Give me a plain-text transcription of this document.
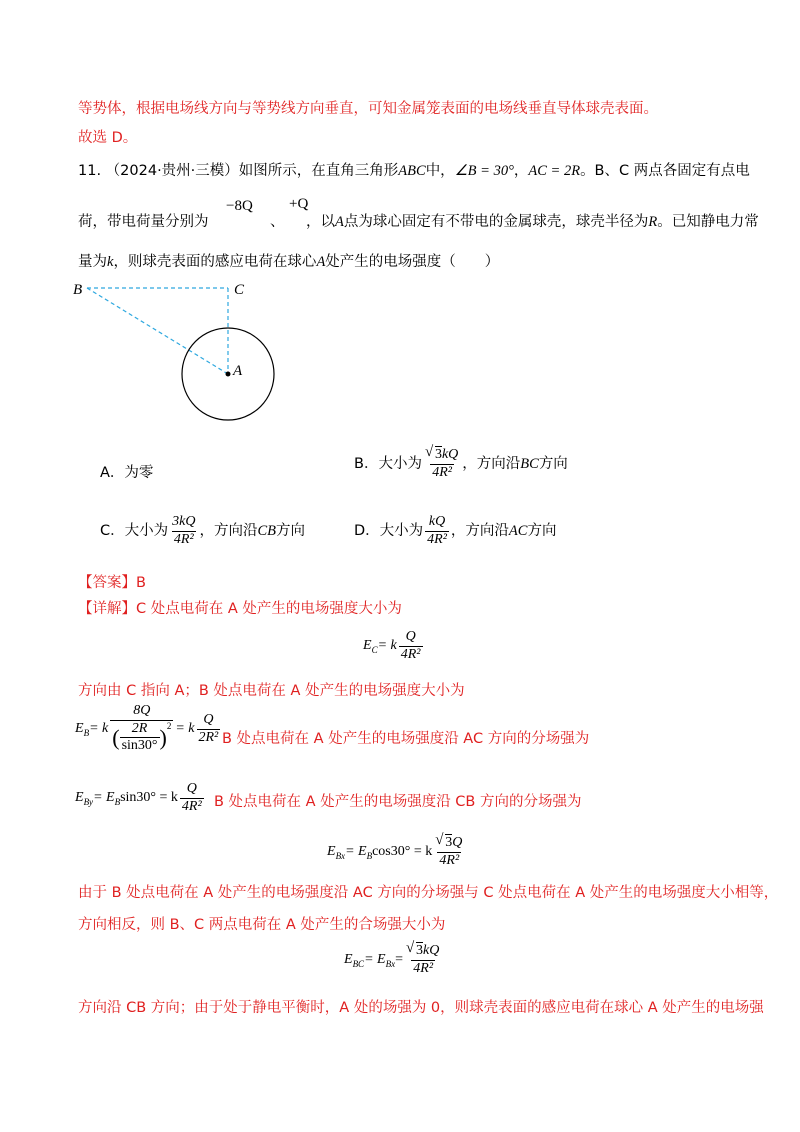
等势体，根据电场线方向与等势线方向垂直，可知金属笼表面的电场线垂直导体球壳表面。
故选 D。
11. （2024·贵州·三模）如图所示，在直角三角形ABC中，∠B = 30°，AC = 2R。B、C 两点各固定有点电
−8Q +Q
荷，带电荷量分别为	、 ，以A点为球心固定有不带电的金属球壳，球壳半径为R。已知静电力常
量为k，则球壳表面的感应电荷在球心A处产生的电场强度（　　）
B	C
A
A．为零
B．大小为 √ $\frac{3kQ}{\text{4R²}}$ ，方向沿 BC 方向
C．大小为 $\frac{3kQ}{\text{4R²}}$ ，方向沿 CB 方向	D．大小为 $\frac{kQ}{\text{4R²}}$ ，方向沿 AC 方向
【答案】B
【详解】C 处点电荷在 A 处产生的电场强度大小为
$E_C = k \frac{Q}{\text{4R²}}$
方向由 C 指向 A；B 处点电荷在 A 处产生的电场强度大小为
$E_B = k \frac{8Q}{( \frac{2R}{\sin 30^\circ} )^2} = k \frac{Q}{\text{2R²}}$ B 处点电荷在 A 处产生的电场强度沿 AC 方向的分场强为
$E_{By} = E_B$ sin30° = k $\frac{Q}{\text{4R²}}$ B 处点电荷在 A 处产生的电场强度沿 CB 方向的分场强为
$E_{Bx} = E_B$ cos30° = k √ $\frac{3Q}{\text{4R²}}$
由于 B 处点电荷在 A 处产生的电场强度沿 AC 方向的分场强与 C 处点电荷在 A 处产生的电场强度大小相等，
方向相反，则 B、C 两点电荷在 A 处产生的合场强大小为
$E_{BC} = E_{Bx}$ = √ $\frac{3kQ}{\text{4R²}}$
方向沿 CB 方向；由于处于静电平衡时，A 处的场强为 0，则球壳表面的感应电荷在球心 A 处产生的电场强
